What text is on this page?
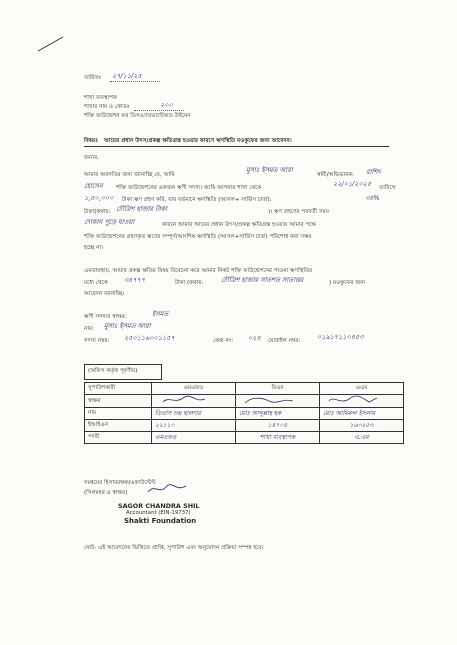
তারিখঃ ২৭/১১/২৫
শাখা ব্যবস্থাপক
শাখার নাম ও কোডঃ	২০০
শক্তি ফাউন্ডেশন ফর ডিসএ্যাডভান্টেজড উইমেন
বিষয়ঃ আয়ের প্রধান উৎস/প্রকল্প ক্ষতিগ্রস্ত হওয়ার কারণে ঋণস্থিতি মওকুফের জন্য আবেদন।
জনাব,
আমার অবগতির জন্য জানাচ্ছি যে, আমি
মুসাঃ ইসমত আরা
স্বামী/অভিভাবক: রাশিদ
হোসেন শক্তি ফাউন্ডেশনের একজন ঋণী সদস্য। আমি আপনার শাখা থেকে	২২/০১/২০২৫ তারিখে
১,৫০,০০০ টাকা ঋণ গ্রহণ করি, যার বর্তমানে ঋণস্থিতি (আসল+ সার্ভিস চার্জ):	৩৪%
টাকা(কথায়: চৌত্রিশ হাজার টাকা	)। ঋণ গ্রহণের পরবর্তী সময়
দোকান পুড়ে যাওয়া	কারনে আমার আয়ের প্রধান উৎস/প্রকল্প ক্ষতিগ্রস্ত হওয়ায় আমার পক্ষে
শক্তি ফাউন্ডেশনের গ্রহণকৃত ঋণের সম্পূর্ণ/আংশিক ঋণস্থিতি (আসল+সার্ভিস চার্জ) পরিশোধ করা সম্ভব
হচ্ছে না।
এমতাবস্থায়, আমার প্রকল্প ক্ষতির বিষয় বিবেচনা করে আমার নিকট শক্তি ফাউন্ডেশনের পাওনা ঋণস্থিতির
মধ্যে থেকে ৩৪৭৭৭	টাকা (কথায়:	চৌত্রিশ হাজার সাতশত সাতাত্তর	) মওকুফের জন্য
আবেদন জানাচ্ছি।
ঋণী সদস্যর স্বাক্ষর:	ইসমত
নাম: মুসাঃ ইসমত আরা
সদস্য নম্বর: ২৫০১১৬০০১১৫৭	কেন্দ্র নং: ০২৪ মোবাইল নম্বর:	০১৯১৭১১০৪৫৩
(অফিস কর্তৃক পূরণীয়)
সুপারিশকারী	এমএফও	বিএম	এএম
স্বাক্ষর			
নাম	তিতাস চন্দ্র হালদার	মোঃ আব্দুল্লাহ হক	মোঃ আমিরুল ইসলাম
ইআইএন	২২১১০	১৪৭০৪	১৬০২৫৩
পদবী	এমএফও	শাখা ব্যবস্থাপক	এ.এম
সমন্বয়ের হিসাবরক্ষক/একাউন্টেন্ট
(সিলমহর ও স্বাক্ষর)
SAGOR CHANDRA SHIL
Accountant (EIN-19737)
Shakti Foundation
নোট- এই আবেদনের ভিত্তিতে প্রাপ্তি, সুপারিশ এবং অনুমোদন প্রক্রিয়া সম্পন্ন হবে।
